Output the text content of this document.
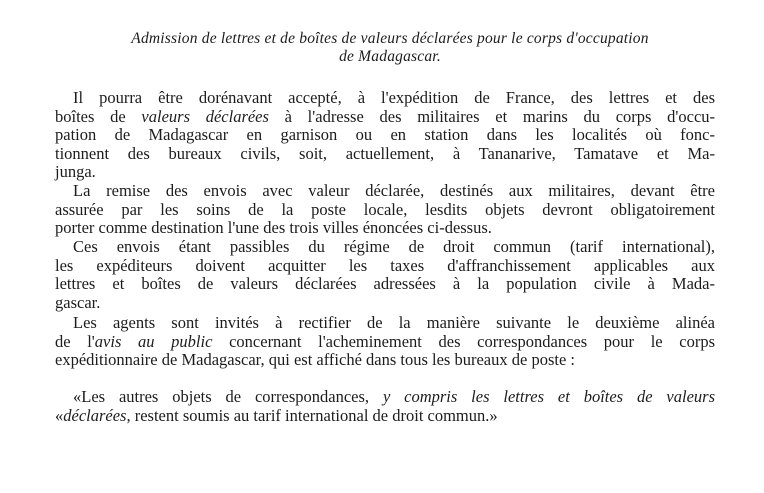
Admission de lettres et de boîtes de valeurs déclarées pour le corps d'occupation
de Madagascar.

Il pourra être dorénavant accepté, à l'expédition de France, des lettres et des
boîtes de valeurs déclarées à l'adresse des militaires et marins du corps d'occu-
pation de Madagascar en garnison ou en station dans les localités où fonc-
tionnent des bureaux civils, soit, actuellement, à Tananarive, Tamatave et Ma-
junga.

La remise des envois avec valeur déclarée, destinés aux militaires, devant être
assurée par les soins de la poste locale, lesdits objets devront obligatoirement
porter comme destination l'une des trois villes énoncées ci-dessus.

Ces envois étant passibles du régime de droit commun (tarif international),
les expéditeurs doivent acquitter les taxes d'affranchissement applicables aux
lettres et boîtes de valeurs déclarées adressées à la population civile à Mada-
gascar.

Les agents sont invités à rectifier de la manière suivante le deuxième alinéa
de l'avis au public concernant l'acheminement des correspondances pour le corps
expéditionnaire de Madagascar, qui est affiché dans tous les bureaux de poste :

«Les autres objets de correspondances, y compris les lettres et boîtes de valeurs
«déclarées, restent soumis au tarif international de droit commun.»
